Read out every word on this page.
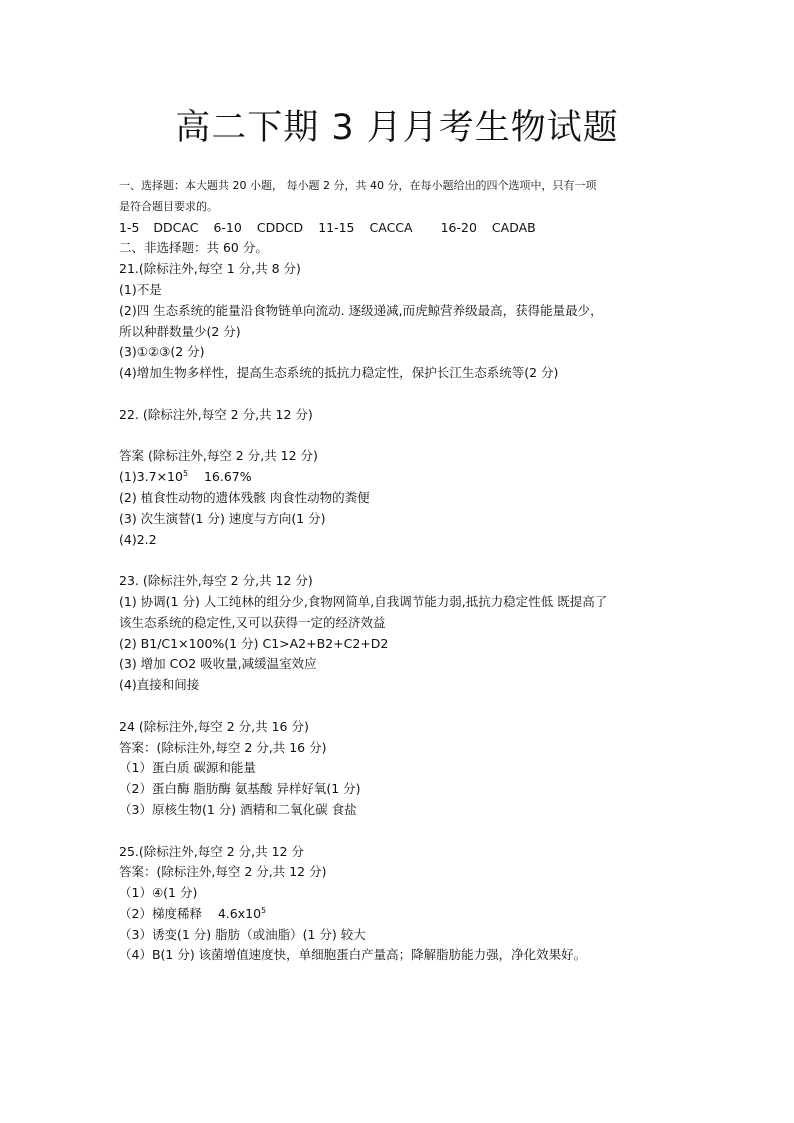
高二下期 3 月月考生物试题
一、选择题：本大题共 20 小题， 每小题 2 分，共 40 分，在每小题给出的四个选项中，只有一项
是符合题目要求的。
1-5 DDCAC 6-10 CDDCD 11-15 CACCA 16-20 CADAB
二、非选择题：共 60 分。
21.(除标注外,每空 1 分,共 8 分)
(1)不是
(2)四 生态系统的能量沿食物链单向流动. 逐级递减,而虎鲸营养级最高，获得能量最少，
所以种群数量少(2 分)
(3)①②③(2 分)
(4)增加生物多样性，提高生态系统的抵抗力稳定性，保护长江生态系统等(2 分)
22. (除标注外,每空 2 分,共 12 分)
答案 (除标注外,每空 2 分,共 12 分)
$(1)3.7\times 10^5$    16.67%
(2) 植食性动物的遗体残骸 肉食性动物的粪便
(3) 次生演替(1 分) 速度与方向(1 分)
(4)2.2
23. (除标注外,每空 2 分,共 12 分)
(1) 协调(1 分) 人工纯林的组分少,食物网简单,自我调节能力弱,抵抗力稳定性低 既提高了
该生态系统的稳定性,又可以获得一定的经济效益
(2) B1/C1×100%(1 分) C1>A2+B2+C2+D2
(3) 增加 CO2 吸收量,减缓温室效应
(4)直接和间接
24 (除标注外,每空 2 分,共 16 分)
答案：(除标注外,每空 2 分,共 16 分)
（1）蛋白质 碳源和能量
（2）蛋白酶 脂肪酶 氨基酸 异样好氧(1 分)
（3）原核生物(1 分) 酒精和二氧化碳 食盐
25.(除标注外,每空 2 分,共 12 分
答案：(除标注外,每空 2 分,共 12 分)
（1）④(1 分)
（2）梯度稀释    $4.6x10^5$
（3）诱变(1 分) 脂肪（或油脂）(1 分) 较大
（4）B(1 分) 该菌增值速度快，单细胞蛋白产量高；降解脂肪能力强，净化效果好。
